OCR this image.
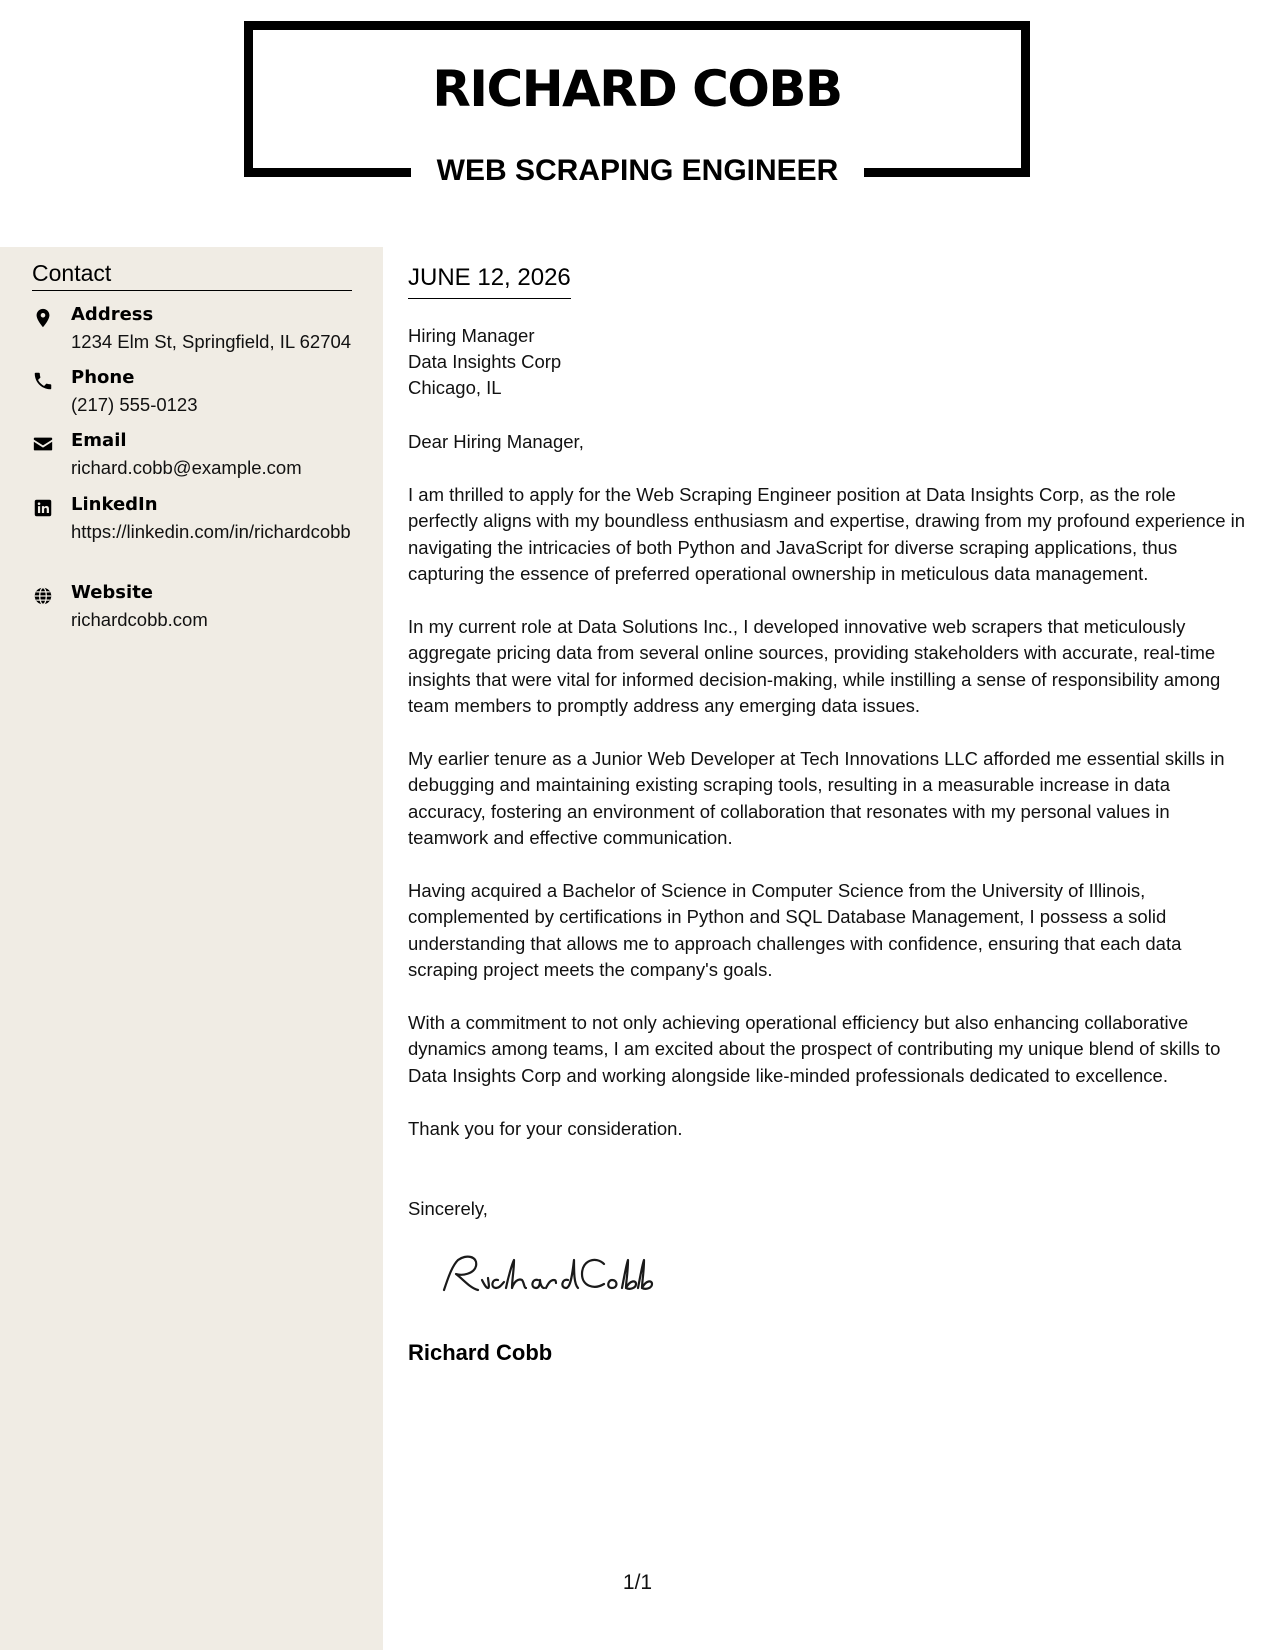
RICHARD COBB
WEB SCRAPING ENGINEER
Contact
Address
1234 Elm St, Springfield, IL 62704
Phone
(217) 555-0123
Email
richard.cobb@example.com
LinkedIn
https://linkedin.com/in/richardcobb
Website
richardcobb.com
JUNE 12, 2026
Hiring Manager
Data Insights Corp
Chicago, IL

Dear Hiring Manager,

I am thrilled to apply for the Web Scraping Engineer position at Data Insights Corp, as the role perfectly aligns with my boundless enthusiasm and expertise, drawing from my profound experience in navigating the intricacies of both Python and JavaScript for diverse scraping applications, thus capturing the essence of preferred operational ownership in meticulous data management.

In my current role at Data Solutions Inc., I developed innovative web scrapers that meticulously aggregate pricing data from several online sources, providing stakeholders with accurate, real-time insights that were vital for informed decision-making, while instilling a sense of responsibility among team members to promptly address any emerging data issues.

My earlier tenure as a Junior Web Developer at Tech Innovations LLC afforded me essential skills in debugging and maintaining existing scraping tools, resulting in a measurable increase in data accuracy, fostering an environment of collaboration that resonates with my personal values in teamwork and effective communication.

Having acquired a Bachelor of Science in Computer Science from the University of Illinois, complemented by certifications in Python and SQL Database Management, I possess a solid understanding that allows me to approach challenges with confidence, ensuring that each data scraping project meets the company's goals.

With a commitment to not only achieving operational efficiency but also enhancing collaborative dynamics among teams, I am excited about the prospect of contributing my unique blend of skills to Data Insights Corp and working alongside like-minded professionals dedicated to excellence.

Thank you for your consideration.

Sincerely,

Richard Cobb
1/1
